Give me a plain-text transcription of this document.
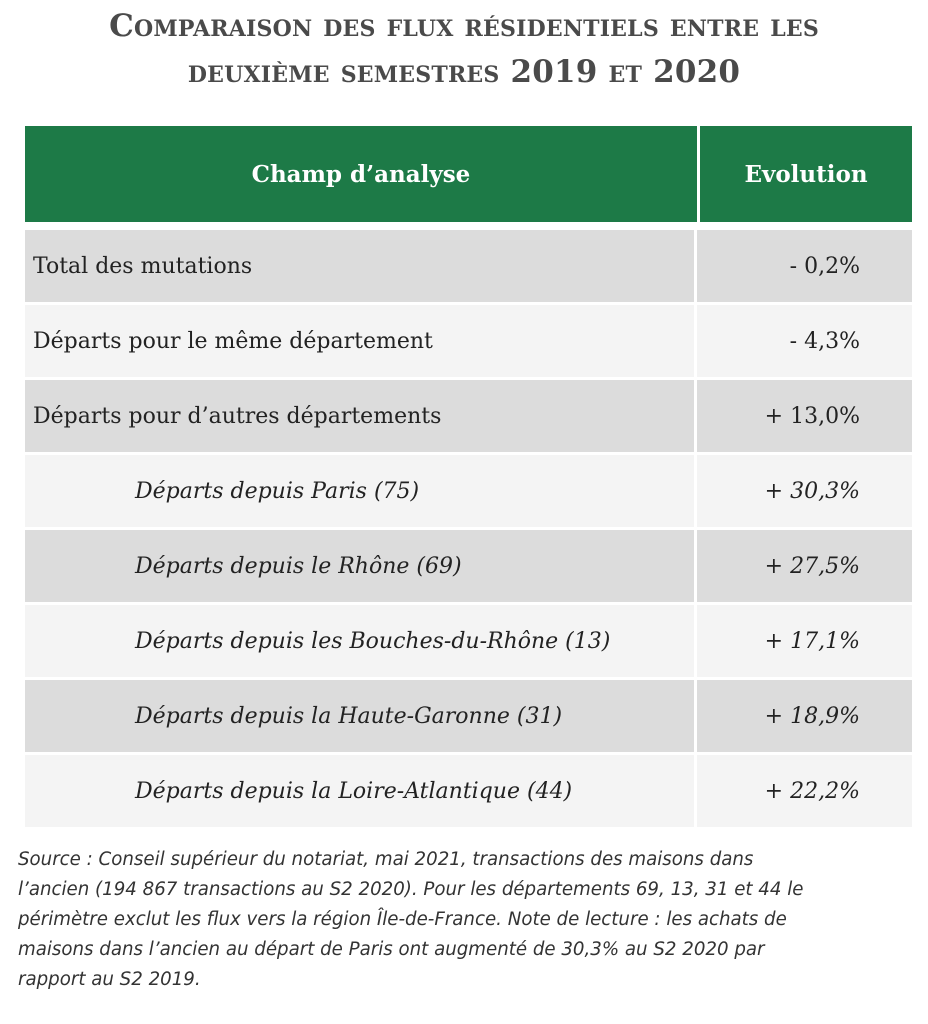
Comparaison des flux résidentiels entre les
deuxième semestres 2019 et 2020
Champ d’analyse	Evolution
Total des mutations	- 0,2%
Départs pour le même département	- 4,3%
Départs pour d’autres départements	+ 13,0%
Départs depuis Paris (75)	+ 30,3%
Départs depuis le Rhône (69)	+ 27,5%
Départs depuis les Bouches-du-Rhône (13)	+ 17,1%
Départs depuis la Haute-Garonne (31)	+ 18,9%
Départs depuis la Loire-Atlantique (44)	+ 22,2%
Source : Conseil supérieur du notariat, mai 2021, transactions des maisons dans
l’ancien (194 867 transactions au S2 2020). Pour les départements 69, 13, 31 et 44 le
périmètre exclut les flux vers la région Île-de-France. Note de lecture : les achats de
maisons dans l’ancien au départ de Paris ont augmenté de 30,3% au S2 2020 par
rapport au S2 2019.
